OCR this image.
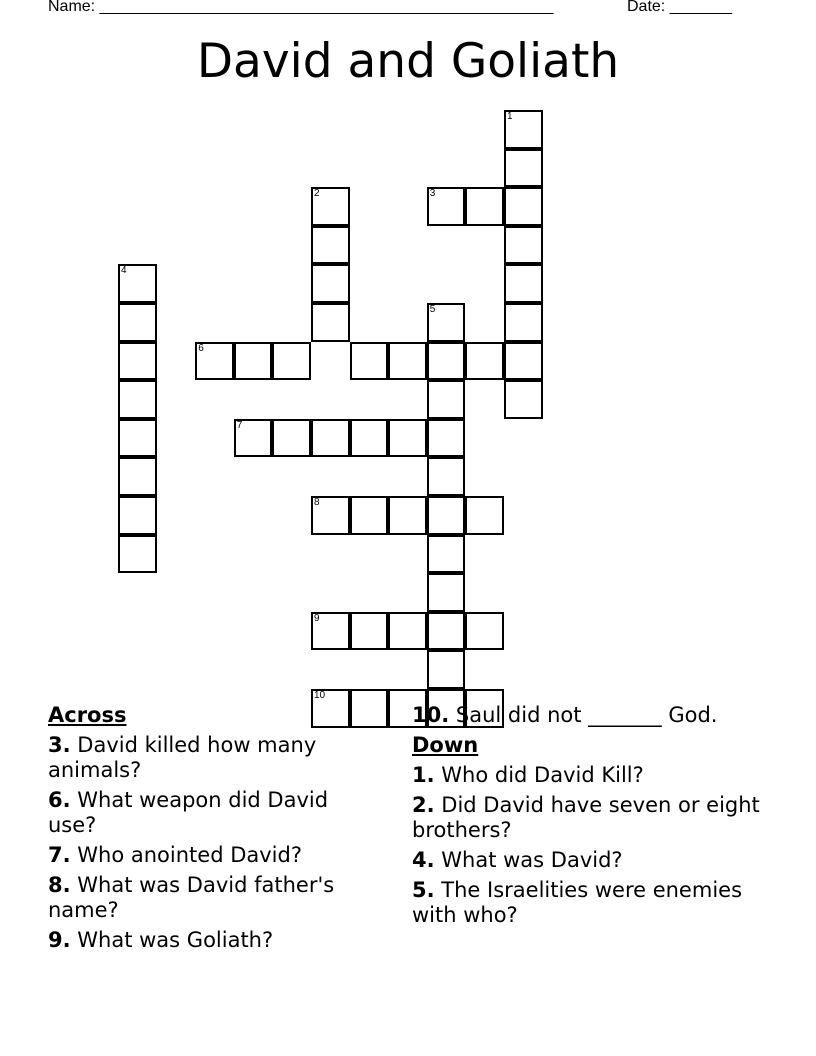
Name: ___________________________________________________	Date: _______
David and Goliath
2	3
4
5
6
7
8
9
10
1
Across
3. David killed how many animals?
6. What weapon did David use?
7. Who anointed David?
8. What was David father's name?
9. What was Goliath?
10. Saul did not _______ God.
Down
1. Who did David Kill?
2. Did David have seven or eight brothers?
4. What was David?
5. The Israelities were enemies with who?
